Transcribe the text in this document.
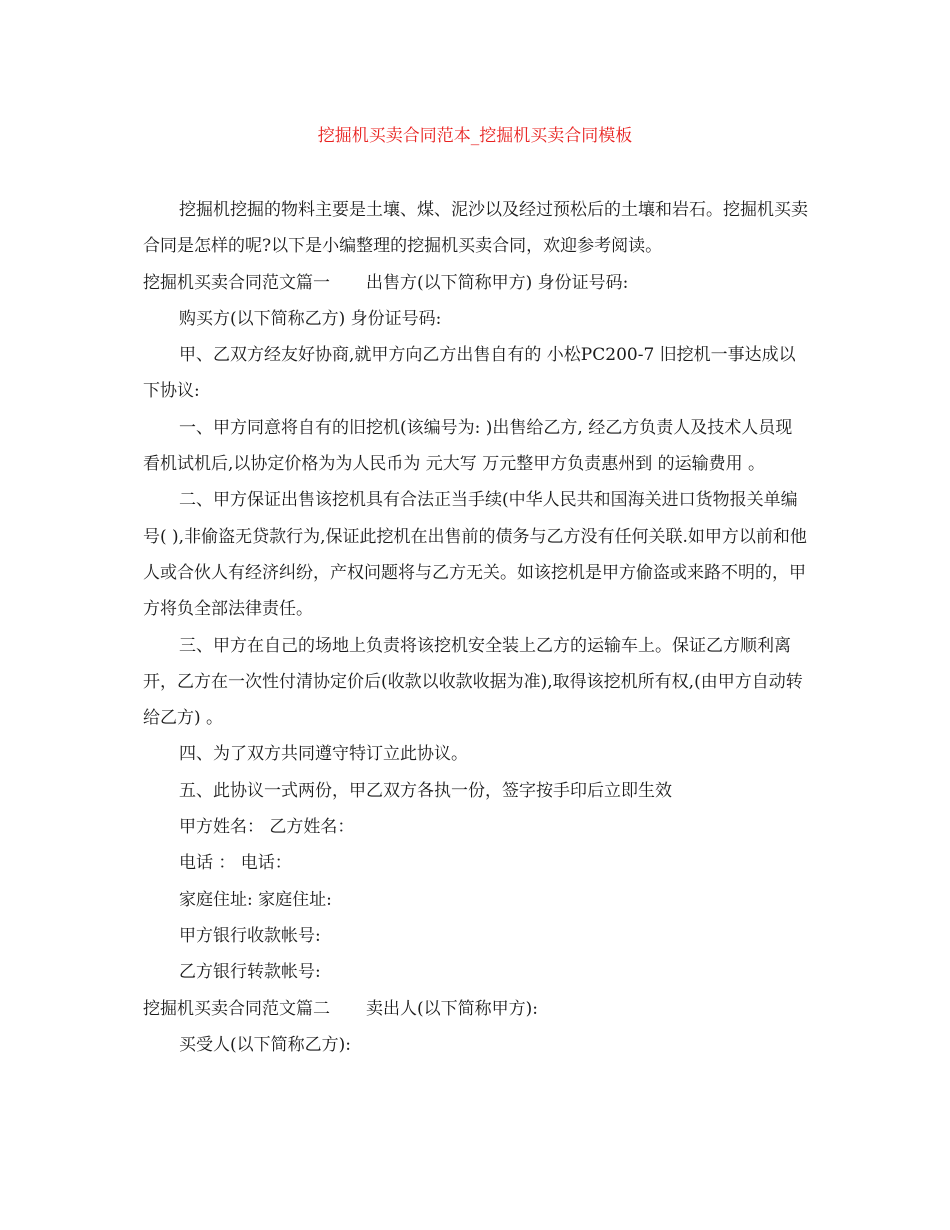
挖掘机买卖合同范本_挖掘机买卖合同模板

挖掘机挖掘的物料主要是土壤、煤、泥沙以及经过预松后的土壤和岩石。挖掘机买卖合同是怎样的呢?以下是小编整理的挖掘机买卖合同，欢迎参考阅读。

挖掘机买卖合同范文篇一 出售方(以下简称甲方) 身份证号码:

购买方(以下简称乙方) 身份证号码:

甲、乙双方经友好协商,就甲方向乙方出售自有的 小松PC200-7 旧挖机一事达成以下协议:

一、甲方同意将自有的旧挖机(该编号为: )出售给乙方, 经乙方负责人及技术人员现看机试机后,以协定价格为为人民币为 元大写 万元整甲方负责惠州到 的运输费用 。

二、甲方保证出售该挖机具有合法正当手续(中华人民共和国海关进口货物报关单编号( ),非偷盗无贷款行为,保证此挖机在出售前的债务与乙方没有任何关联.如甲方以前和他人或合伙人有经济纠纷，产权问题将与乙方无关。如该挖机是甲方偷盗或来路不明的，甲方将负全部法律责任。

三、甲方在自己的场地上负责将该挖机安全装上乙方的运输车上。保证乙方顺利离开，乙方在一次性付清协定价后(收款以收款收据为准),取得该挖机所有权,(由甲方自动转给乙方) 。

四、为了双方共同遵守特订立此协议。

五、此协议一式两份，甲乙双方各执一份，签字按手印后立即生效

甲方姓名： 乙方姓名：

电话 ： 电话：

家庭住址: 家庭住址:

甲方银行收款帐号:

乙方银行转款帐号:

挖掘机买卖合同范文篇二 卖出人(以下简称甲方):

买受人(以下简称乙方):
